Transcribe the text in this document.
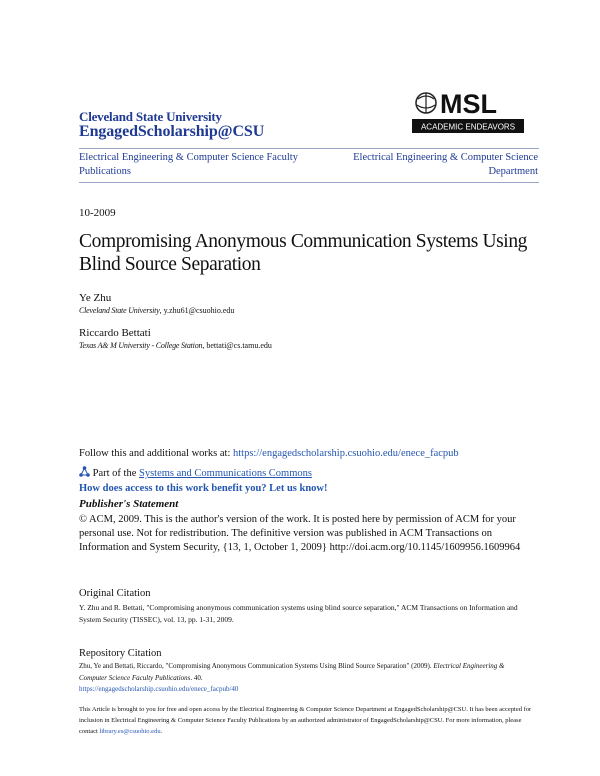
Cleveland State University
EngagedScholarship@CSU
MSL
ACADEMIC ENDEAVORS
Electrical Engineering & Computer Science Faculty Publications
Electrical Engineering & Computer Science Department
10-2009
Compromising Anonymous Communication Systems Using Blind Source Separation
Ye Zhu
Cleveland State University, y.zhu61@csuohio.edu
Riccardo Bettati
Texas A& M University - College Station, bettati@cs.tamu.edu
Follow this and additional works at: https://engagedscholarship.csuohio.edu/enece_facpub
Part of the Systems and Communications Commons
How does access to this work benefit you? Let us know!
Publisher's Statement
© ACM, 2009. This is the author's version of the work. It is posted here by permission of ACM for your personal use. Not for redistribution. The definitive version was published in ACM Transactions on Information and System Security, {13, 1, October 1, 2009} http://doi.acm.org/10.1145/1609956.1609964
Original Citation
Y. Zhu and R. Bettati, "Compromising anonymous communication systems using blind source separation," ACM Transactions on Information and System Security (TISSEC), vol. 13, pp. 1-31, 2009.
Repository Citation
Zhu, Ye and Bettati, Riccardo, "Compromising Anonymous Communication Systems Using Blind Source Separation" (2009). Electrical Engineering & Computer Science Faculty Publications. 40.
https://engagedscholarship.csuohio.edu/enece_facpub/40
This Article is brought to you for free and open access by the Electrical Engineering & Computer Science Department at EngagedScholarship@CSU. It has been accepted for inclusion in Electrical Engineering & Computer Science Faculty Publications by an authorized administrator of EngagedScholarship@CSU. For more information, please contact library.es@csuohio.edu.
